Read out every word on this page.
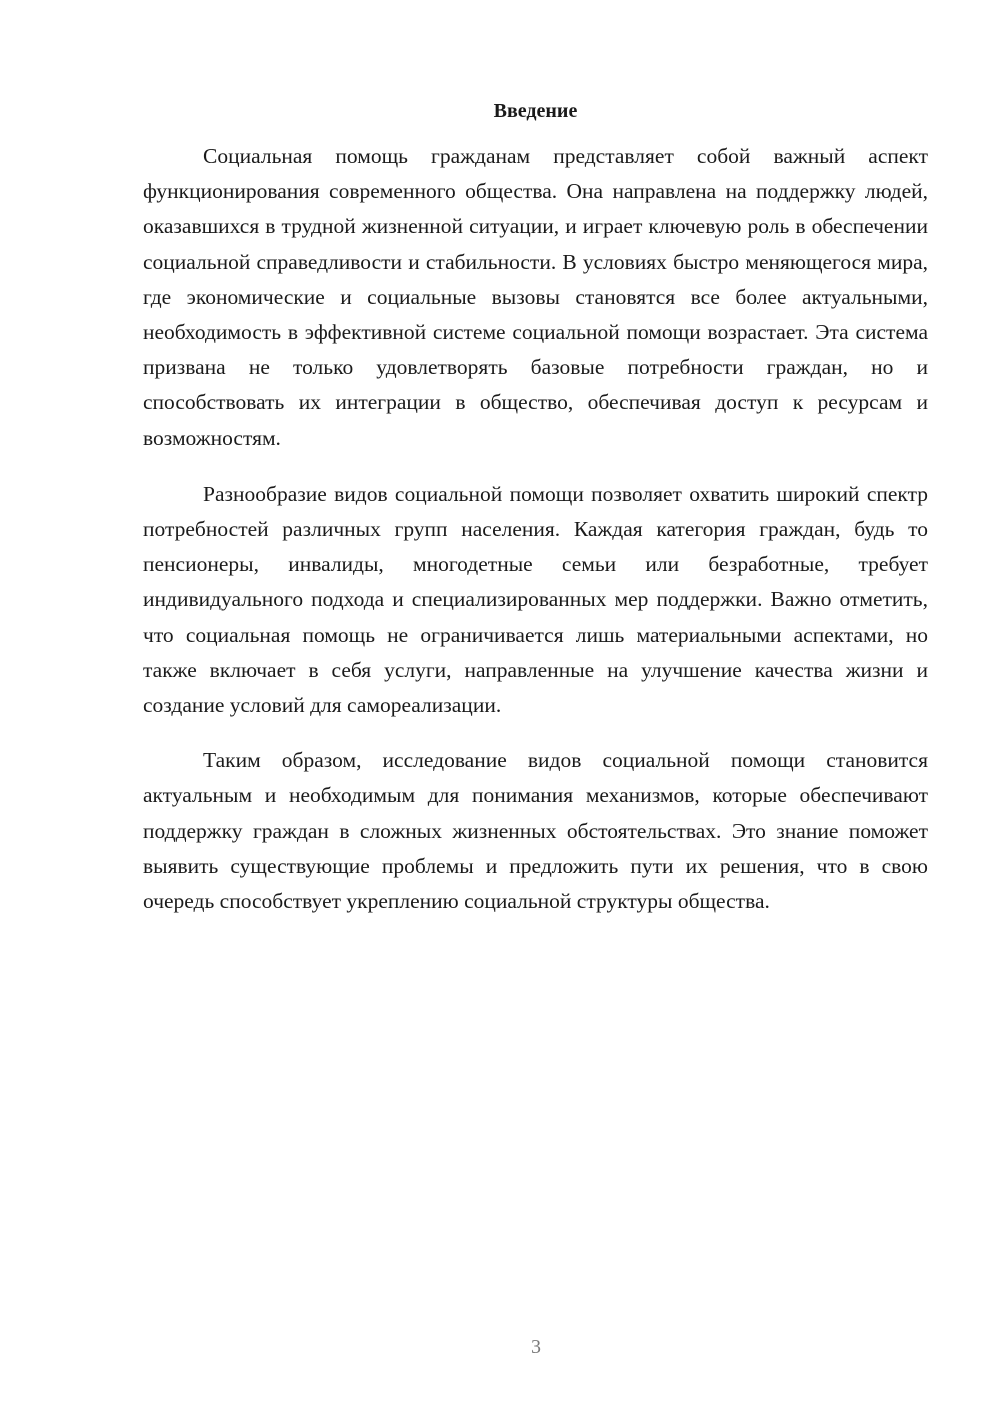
Введение

Социальная помощь гражданам представляет собой важный аспект функционирования современного общества. Она направлена на поддержку людей, оказавшихся в трудной жизненной ситуации, и играет ключевую роль в обеспечении социальной справедливости и стабильности. В условиях быстро меняющегося мира, где экономические и социальные вызовы становятся все более актуальными, необходимость в эффективной системе социальной помощи возрастает. Эта система призвана не только удовлетворять базовые потребности граждан, но и способствовать их интеграции в общество, обеспечивая доступ к ресурсам и возможностям.

Разнообразие видов социальной помощи позволяет охватить широкий спектр потребностей различных групп населения. Каждая категория граждан, будь то пенсионеры, инвалиды, многодетные семьи или безработные, требует индивидуального подхода и специализированных мер поддержки. Важно отметить, что социальная помощь не ограничивается лишь материальными аспектами, но также включает в себя услуги, направленные на улучшение качества жизни и создание условий для самореализации.

Таким образом, исследование видов социальной помощи становится актуальным и необходимым для понимания механизмов, которые обеспечивают поддержку граждан в сложных жизненных обстоятельствах. Это знание поможет выявить существующие проблемы и предложить пути их решения, что в свою очередь способствует укреплению социальной структуры общества.

3
